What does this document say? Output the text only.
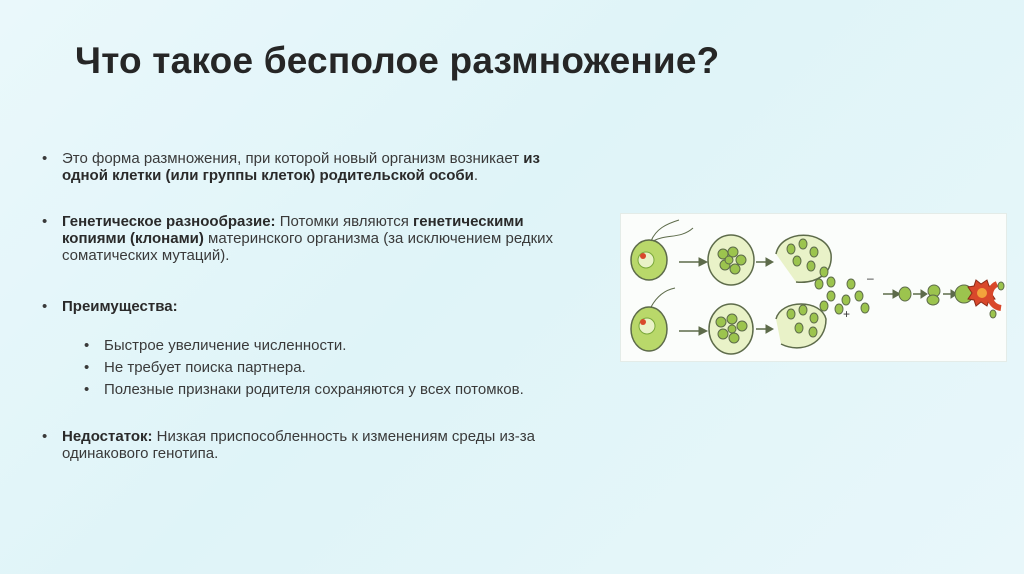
Что такое бесполое размножение?
• Это форма размножения, при которой новый организм возникает из одной клетки (или группы клеток) родительской особи.
• Генетическое разнообразие: Потомки являются генетическими копиями (клонами) материнского организма (за исключением редких соматических мутаций).
• Преимущества:
• Быстрое увеличение численности.
• Не требует поиска партнера.
• Полезные признаки родителя сохраняются у всех потомков.
• Недостаток: Низкая приспособленность к изменениям среды из-за одинакового генотипа.
–
+
